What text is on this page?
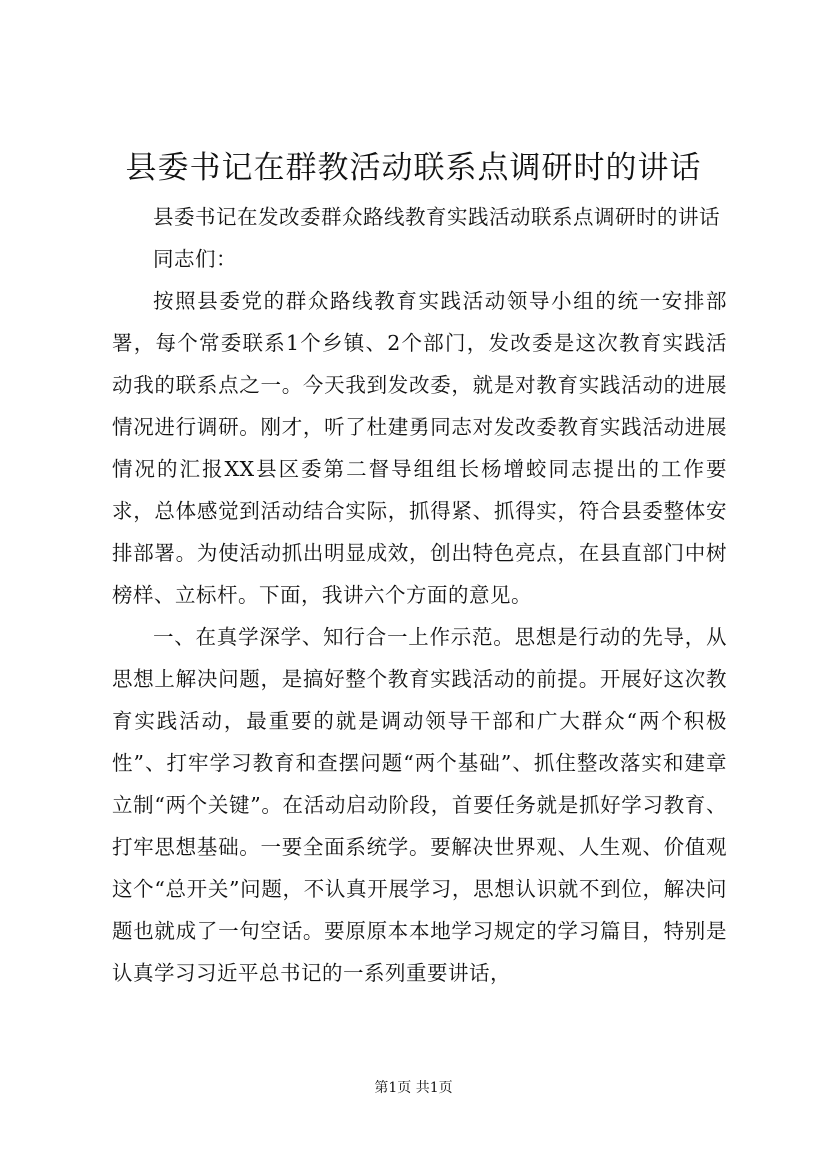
县委书记在群教活动联系点调研时的讲话

县委书记在发改委群众路线教育实践活动联系点调研时的讲话

同志们：

按照县委党的群众路线教育实践活动领导小组的统一安排部署，每个常委联系1个乡镇、2个部门，发改委是这次教育实践活动我的联系点之一。今天我到发改委，就是对教育实践活动的进展情况进行调研。刚才，听了杜建勇同志对发改委教育实践活动进展情况的汇报XX县区委第二督导组组长杨增蛟同志提出的工作要求，总体感觉到活动结合实际，抓得紧、抓得实，符合县委整体安排部署。为使活动抓出明显成效，创出特色亮点，在县直部门中树榜样、立标杆。下面，我讲六个方面的意见。

一、在真学深学、知行合一上作示范。思想是行动的先导，从思想上解决问题，是搞好整个教育实践活动的前提。开展好这次教育实践活动，最重要的就是调动领导干部和广大群众“两个积极性”、打牢学习教育和查摆问题“两个基础”、抓住整改落实和建章立制“两个关键”。在活动启动阶段，首要任务就是抓好学习教育、打牢思想基础。一要全面系统学。要解决世界观、人生观、价值观这个“总开关”问题，不认真开展学习，思想认识就不到位，解决问题也就成了一句空话。要原原本本地学习规定的学习篇目，特别是认真学习习近平总书记的一系列重要讲话，

第1页 共1页
